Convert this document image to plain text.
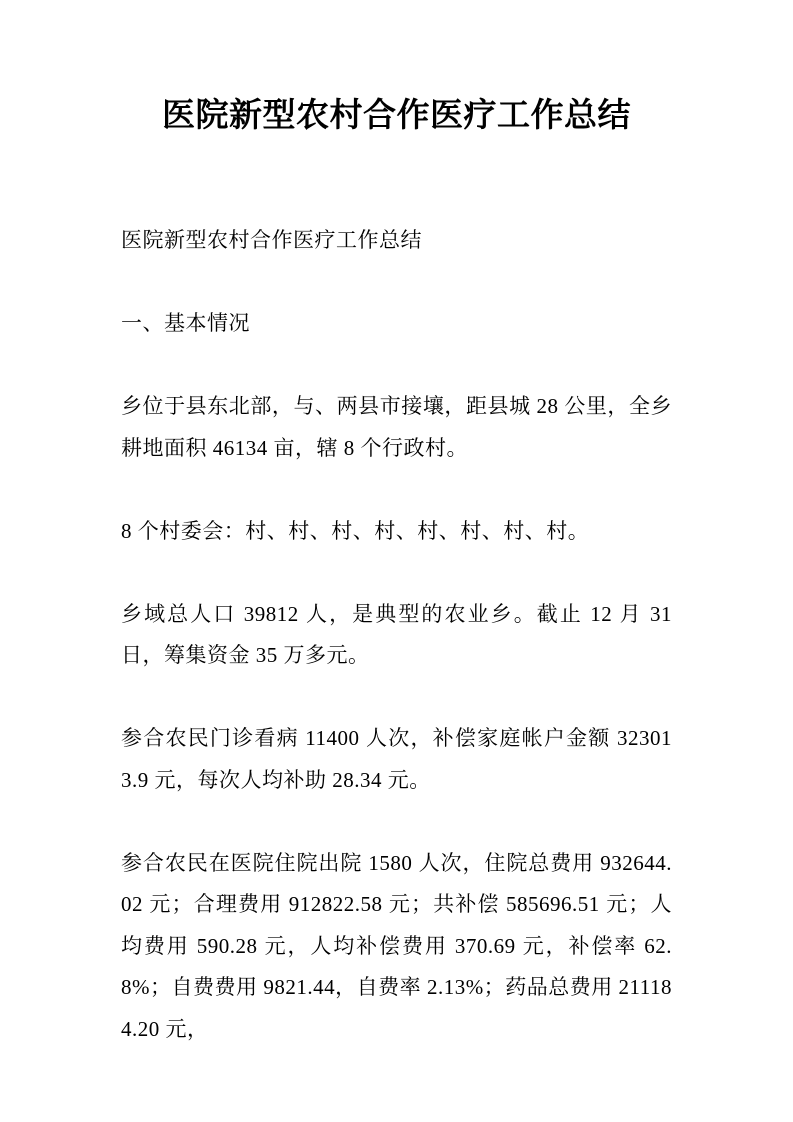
医院新型农村合作医疗工作总结

医院新型农村合作医疗工作总结

一、基本情况

乡位于县东北部，与、两县市接壤，距县城 28 公里，全乡耕地面积 46134 亩，辖 8 个行政村。

8 个村委会：村、村、村、村、村、村、村、村。

乡域总人口 39812 人，是典型的农业乡。截止 12 月 31 日，筹集资金 35 万多元。

参合农民门诊看病 11400 人次，补偿家庭帐户金额 323013.9 元，每次人均补助 28.34 元。

参合农民在医院住院出院 1580 人次，住院总费用 932644.02 元；合理费用 912822.58 元；共补偿 585696.51 元；人均费用 590.28 元，人均补偿费用 370.69 元，补偿率 62.8%；自费费用 9821.44，自费率 2.13%；药品总费用 211184.20 元，
